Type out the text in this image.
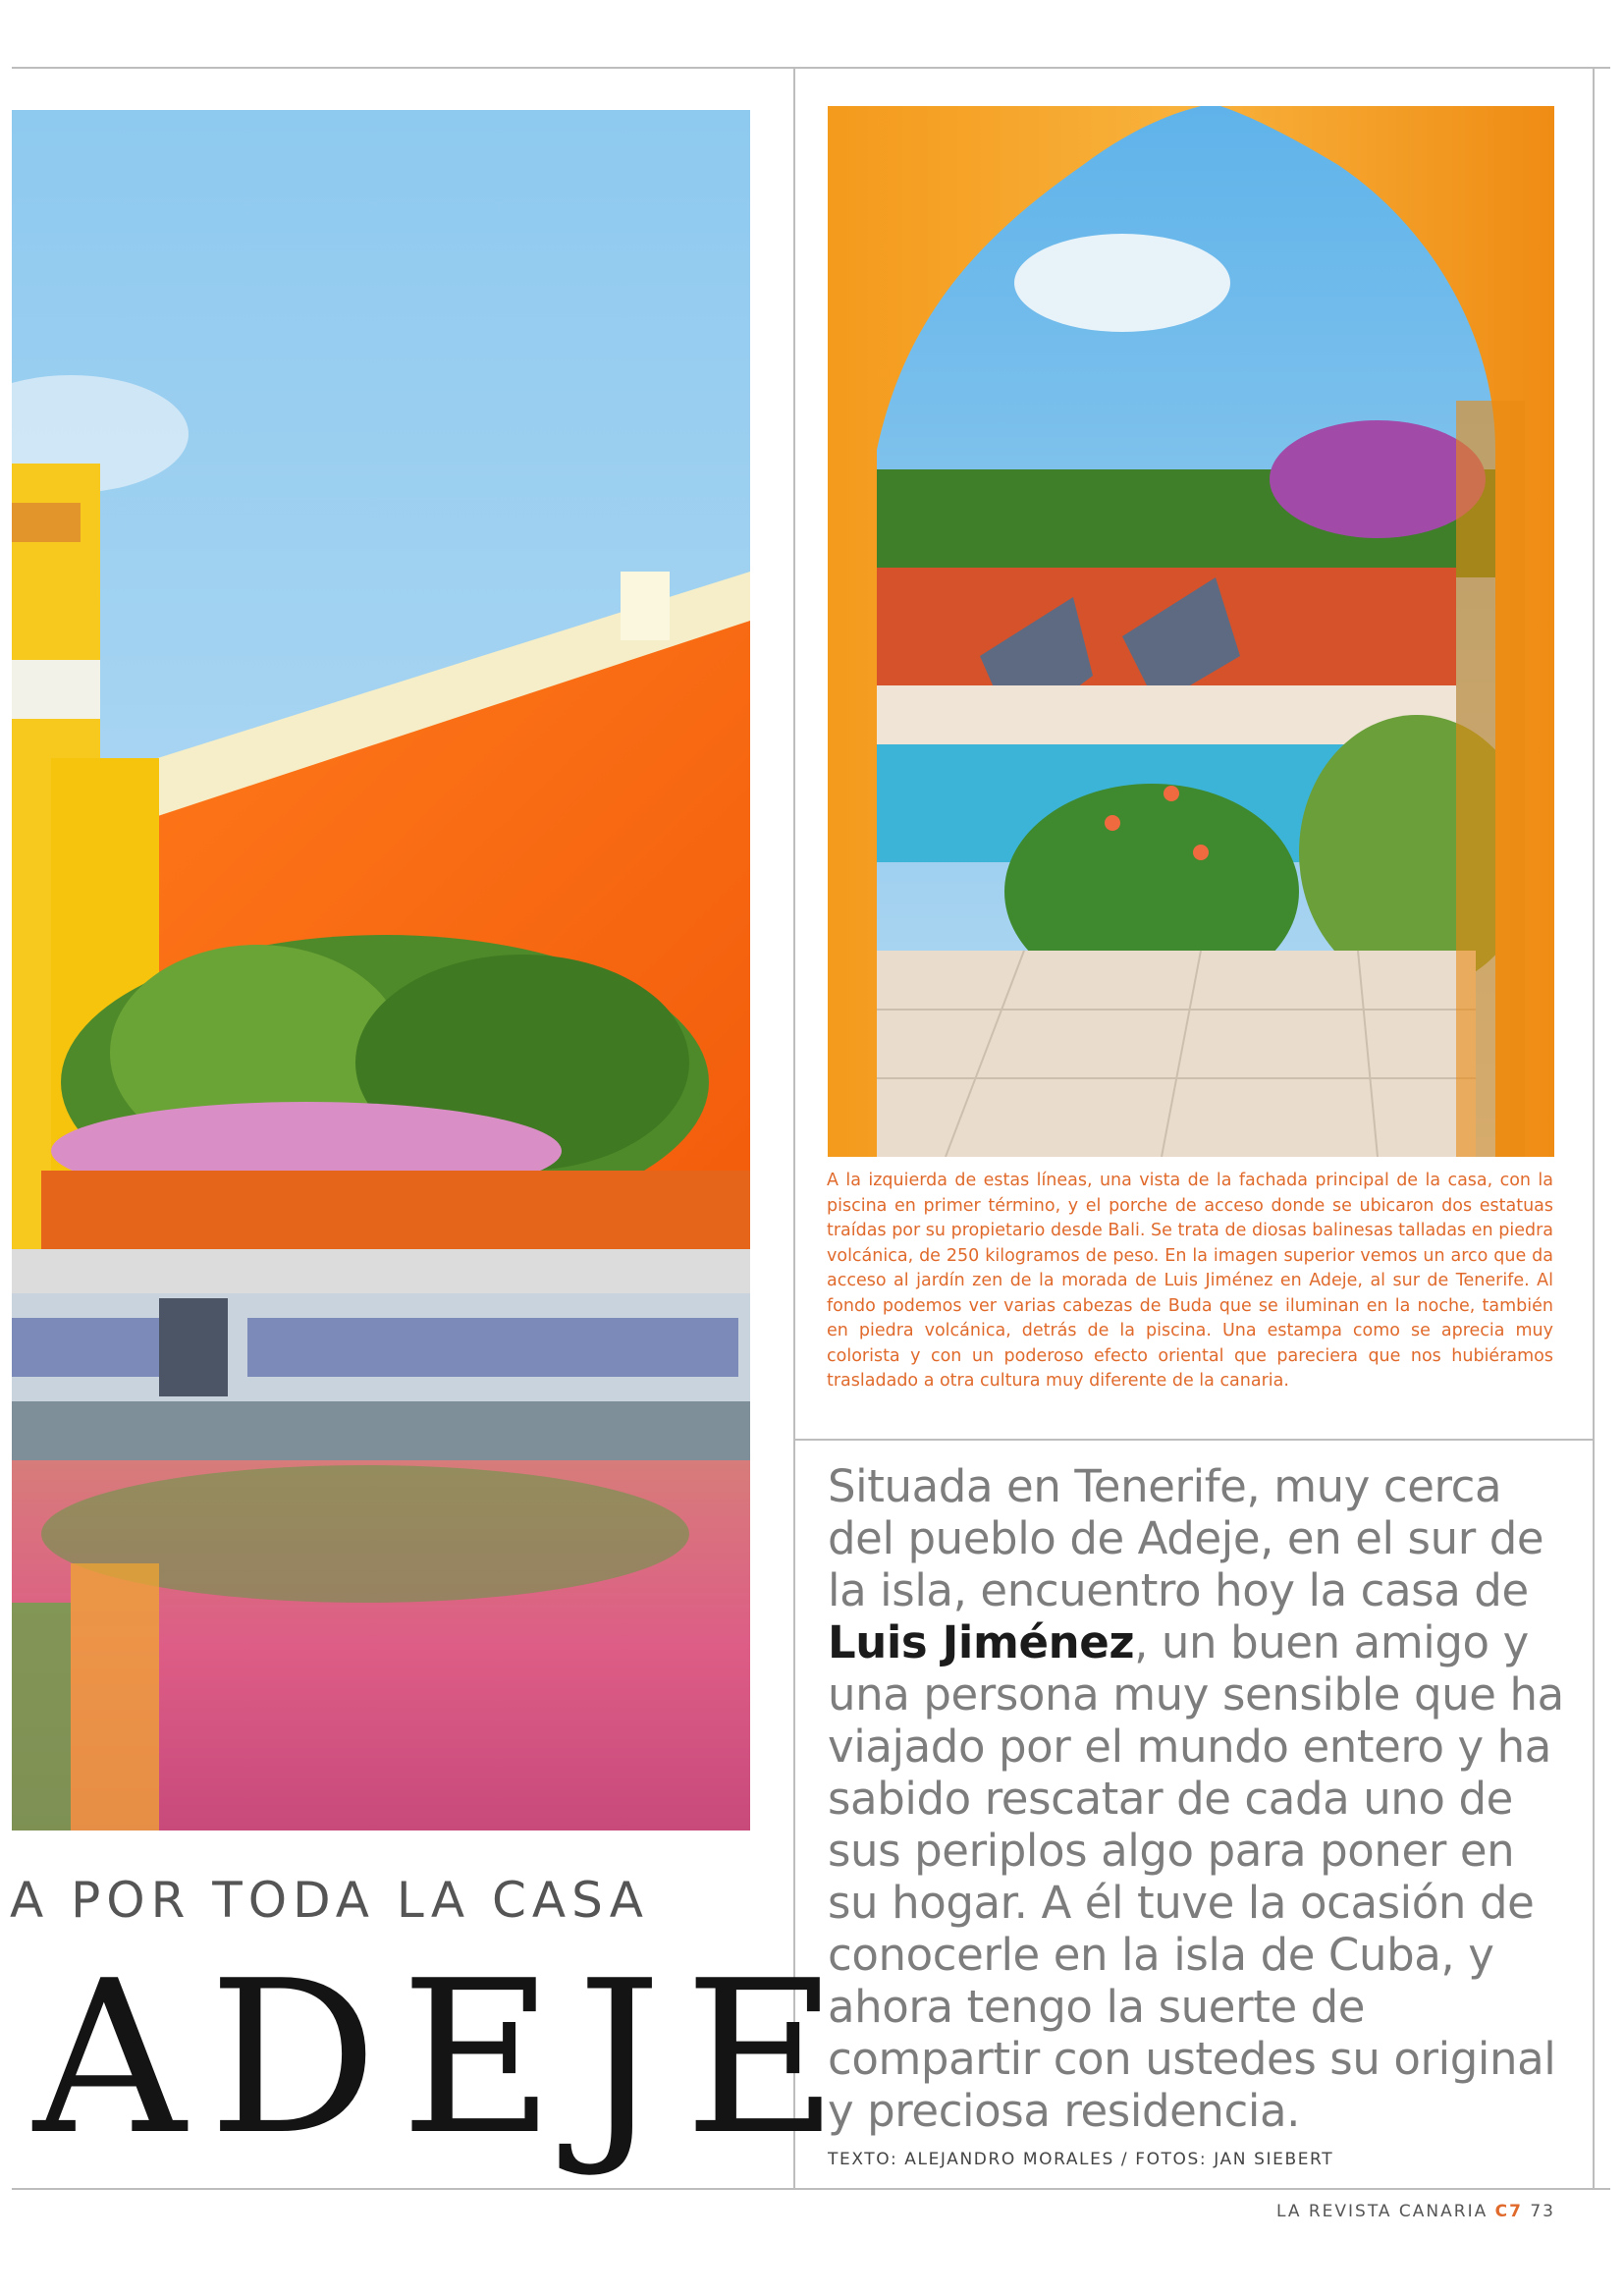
A la izquierda de estas líneas, una vista de la fachada principal de la casa, con la piscina en primer término, y el porche de acceso donde se ubicaron dos estatuas traídas por su propietario desde Bali. Se trata de diosas balinesas talladas en piedra volcánica, de 250 kilogramos de peso. En la imagen superior vemos un arco que da acceso al jardín zen de la morada de Luis Jiménez en Adeje, al sur de Tenerife. Al fondo podemos ver varias cabezas de Buda que se iluminan en la noche, también en piedra volcánica, detrás de la piscina. Una estampa como se aprecia muy colorista y con un poderoso efecto oriental que pareciera que nos hubiéramos trasladado a otra cultura muy diferente de la canaria.
Situada en Tenerife, muy cerca del pueblo de Adeje, en el sur de la isla, encuentro hoy la casa de Luis Jiménez, un buen amigo y una persona muy sensible que ha viajado por el mundo entero y ha sabido rescatar de cada uno de sus periplos algo para poner en su hogar. A él tuve la ocasión de conocerle en la isla de Cuba, y ahora tengo la suerte de compartir con ustedes su original y preciosa residencia.
TEXTO: ALEJANDRO MORALES / FOTOS: JAN SIEBERT
A POR TODA LA CASA
ADEJE
LA REVISTA CANARIA C7 73
